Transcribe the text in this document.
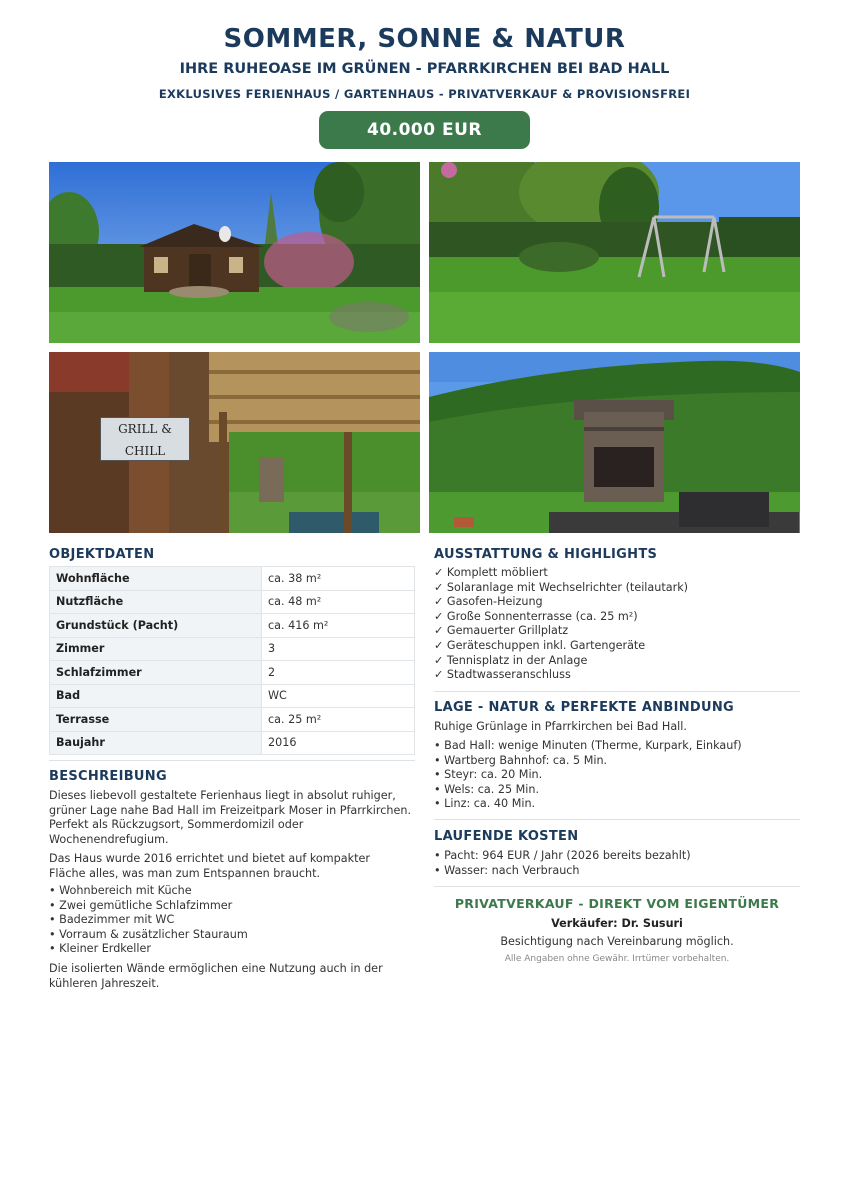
SOMMER, SONNE & NATUR
IHRE RUHEOASE IM GRÜNEN - PFARRKIRCHEN BEI BAD HALL
EXKLUSIVES FERIENHAUS / GARTENHAUS - PRIVATVERKAUF & PROVISIONSFREI
40.000 EUR
GRILL & CHILL
OBJEKTDATEN
Wohnfläche	ca. 38 m²
Nutzfläche	ca. 48 m²
Grundstück (Pacht)	ca. 416 m²
Zimmer	3
Schlafzimmer	2
Bad	WC
Terrasse	ca. 25 m²
Baujahr	2016
BESCHREIBUNG
Dieses liebevoll gestaltete Ferienhaus liegt in absolut ruhiger, grüner Lage nahe Bad Hall im Freizeitpark Moser in Pfarrkirchen. Perfekt als Rückzugsort, Sommerdomizil oder Wochenendrefugium.
Das Haus wurde 2016 errichtet und bietet auf kompakter Fläche alles, was man zum Entspannen braucht.
• Wohnbereich mit Küche
• Zwei gemütliche Schlafzimmer
• Badezimmer mit WC
• Vorraum & zusätzlicher Stauraum
• Kleiner Erdkeller
Die isolierten Wände ermöglichen eine Nutzung auch in der kühleren Jahreszeit.
AUSSTATTUNG & HIGHLIGHTS
✓ Komplett möbliert
✓ Solaranlage mit Wechselrichter (teilautark)
✓ Gasofen-Heizung
✓ Große Sonnenterrasse (ca. 25 m²)
✓ Gemauerter Grillplatz
✓ Geräteschuppen inkl. Gartengeräte
✓ Tennisplatz in der Anlage
✓ Stadtwasseranschluss
LAGE - NATUR & PERFEKTE ANBINDUNG
Ruhige Grünlage in Pfarrkirchen bei Bad Hall.
• Bad Hall: wenige Minuten (Therme, Kurpark, Einkauf)
• Wartberg Bahnhof: ca. 5 Min.
• Steyr: ca. 20 Min.
• Wels: ca. 25 Min.
• Linz: ca. 40 Min.
LAUFENDE KOSTEN
• Pacht: 964 EUR / Jahr (2026 bereits bezahlt)
• Wasser: nach Verbrauch
PRIVATVERKAUF - DIREKT VOM EIGENTÜMER
Verkäufer: Dr. Susuri
Besichtigung nach Vereinbarung möglich.
Alle Angaben ohne Gewähr. Irrtümer vorbehalten.
